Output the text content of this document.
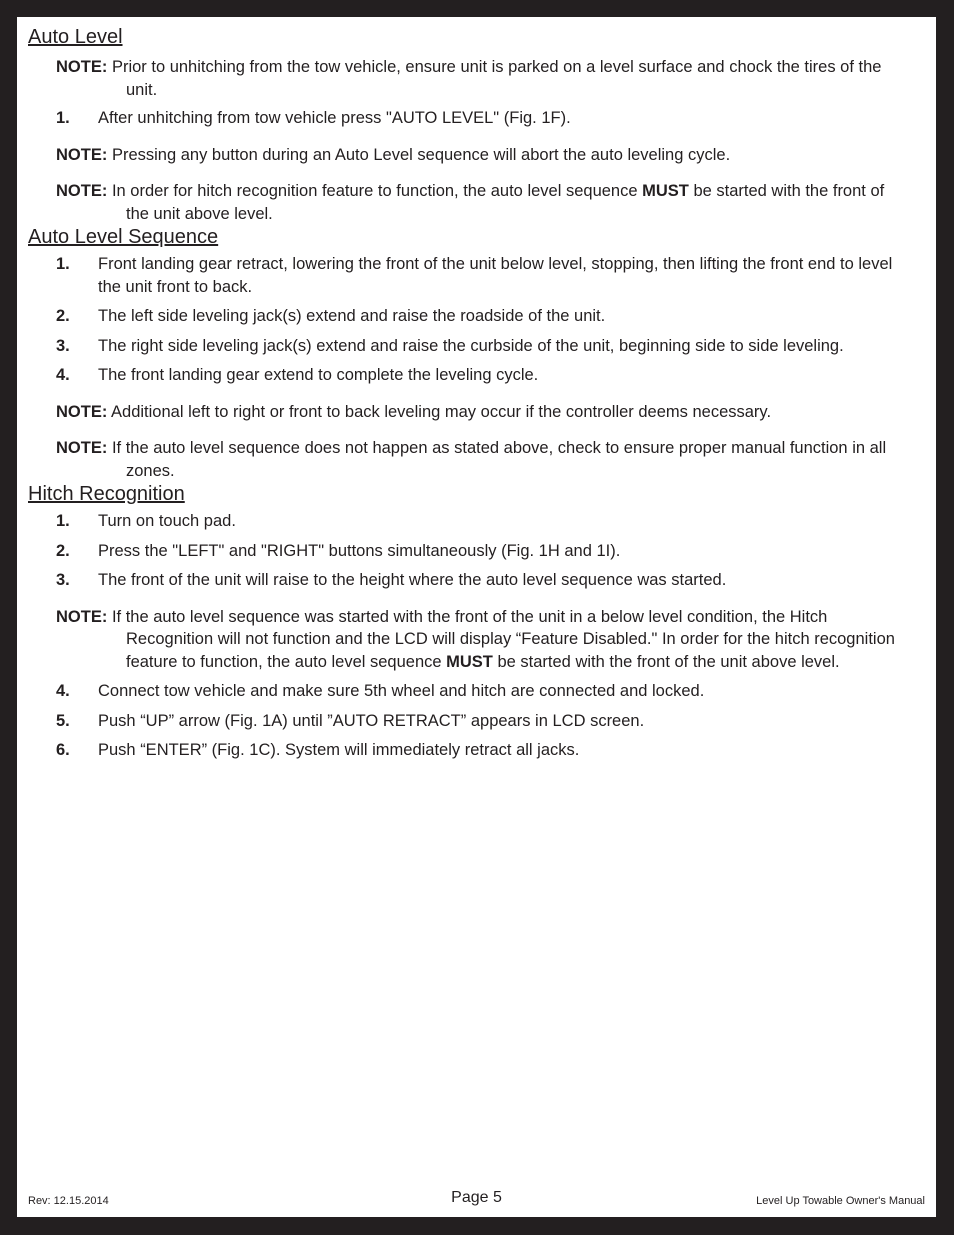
Auto Level

NOTE: Prior to unhitching from the tow vehicle, ensure unit is parked on a level surface and chock the tires of the unit.

1. After unhitching from tow vehicle press "AUTO LEVEL" (Fig. 1F).

NOTE: Pressing any button during an Auto Level sequence will abort the auto leveling cycle.

NOTE: In order for hitch recognition feature to function, the auto level sequence MUST be started with the front of the unit above level.

Auto Level Sequence
1. Front landing gear retract, lowering the front of the unit below level, stopping, then lifting the front end to level the unit front to back.
2. The left side leveling jack(s) extend and raise the roadside of the unit.
3. The right side leveling jack(s) extend and raise the curbside of the unit, beginning side to side leveling.
4. The front landing gear extend to complete the leveling cycle.

NOTE: Additional left to right or front to back leveling may occur if the controller deems necessary.

NOTE: If the auto level sequence does not happen as stated above, check to ensure proper manual function in all zones.

Hitch Recognition
1. Turn on touch pad.
2. Press the "LEFT" and "RIGHT" buttons simultaneously (Fig. 1H and 1I).
3. The front of the unit will raise to the height where the auto level sequence was started.

NOTE: If the auto level sequence was started with the front of the unit in a below level condition, the Hitch Recognition will not function and the LCD will display “Feature Disabled." In order for the hitch recognition feature to function, the auto level sequence MUST be started with the front of the unit above level.

4. Connect tow vehicle and make sure 5th wheel and hitch are connected and locked.
5. Push “UP” arrow (Fig. 1A) until ”AUTO RETRACT” appears in LCD screen.
6. Push “ENTER” (Fig. 1C). System will immediately retract all jacks.
Rev: 12.15.2014	Page 5	Level Up Towable Owner's Manual
